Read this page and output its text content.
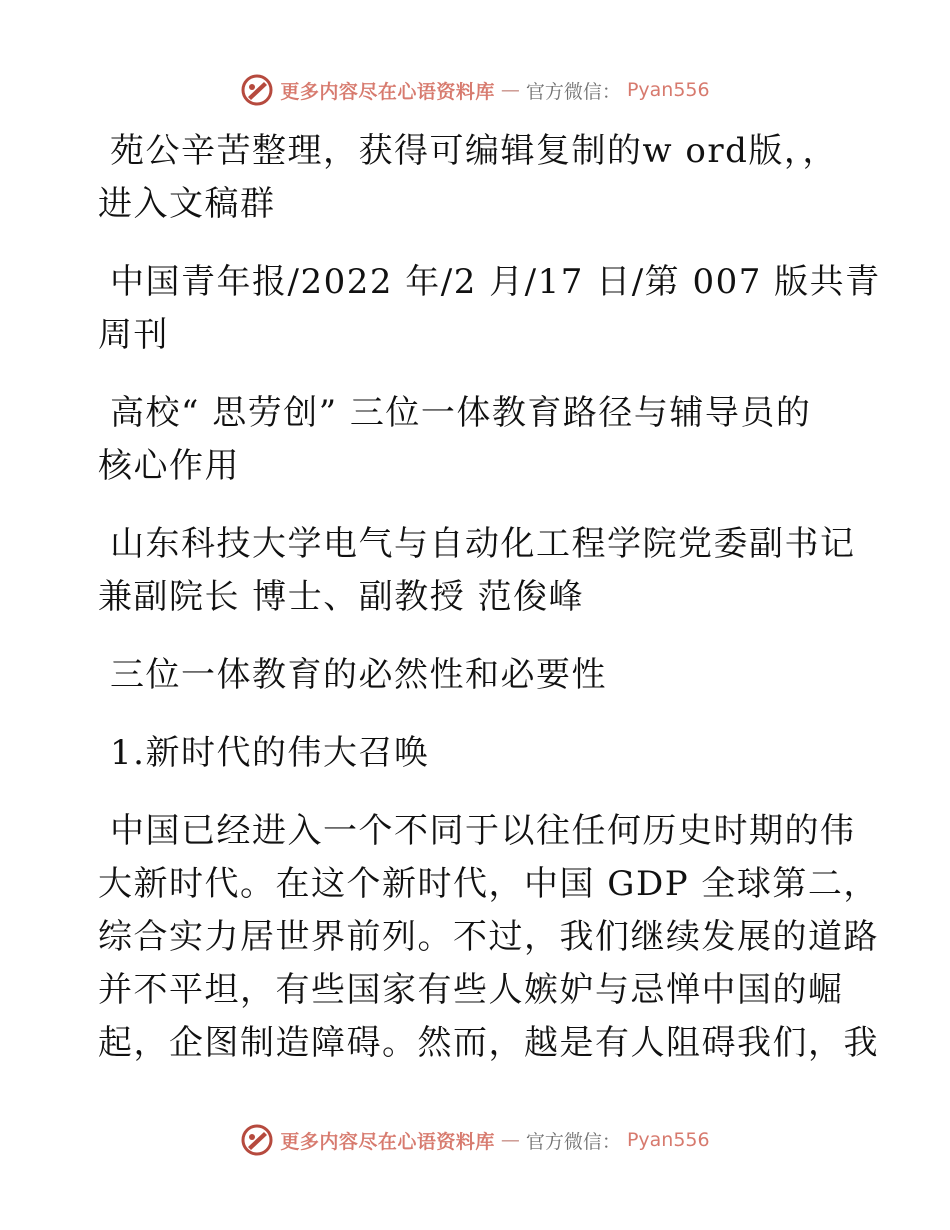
更多内容尽在心语资料库 — 官方微信： Pyan556

苑公辛苦整理，获得可编辑复制的w ord版，，
进入文稿群

中国青年报/2022 年/2 月/17 日/第 007 版共青
周刊

高校“ 思劳创” 三位一体教育路径与辅导员的
核心作用

山东科技大学电气与自动化工程学院党委副书记
兼副院长 博士、副教授 范俊峰

三位一体教育的必然性和必要性

1.新时代的伟大召唤

中国已经进入一个不同于以往任何历史时期的伟
大新时代。在这个新时代，中国 GDP 全球第二，
综合实力居世界前列。不过，我们继续发展的道路
并不平坦，有些国家有些人嫉妒与忌惮中国的崛
起，企图制造障碍。然而，越是有人阻碍我们，我

更多内容尽在心语资料库 — 官方微信： Pyan556
